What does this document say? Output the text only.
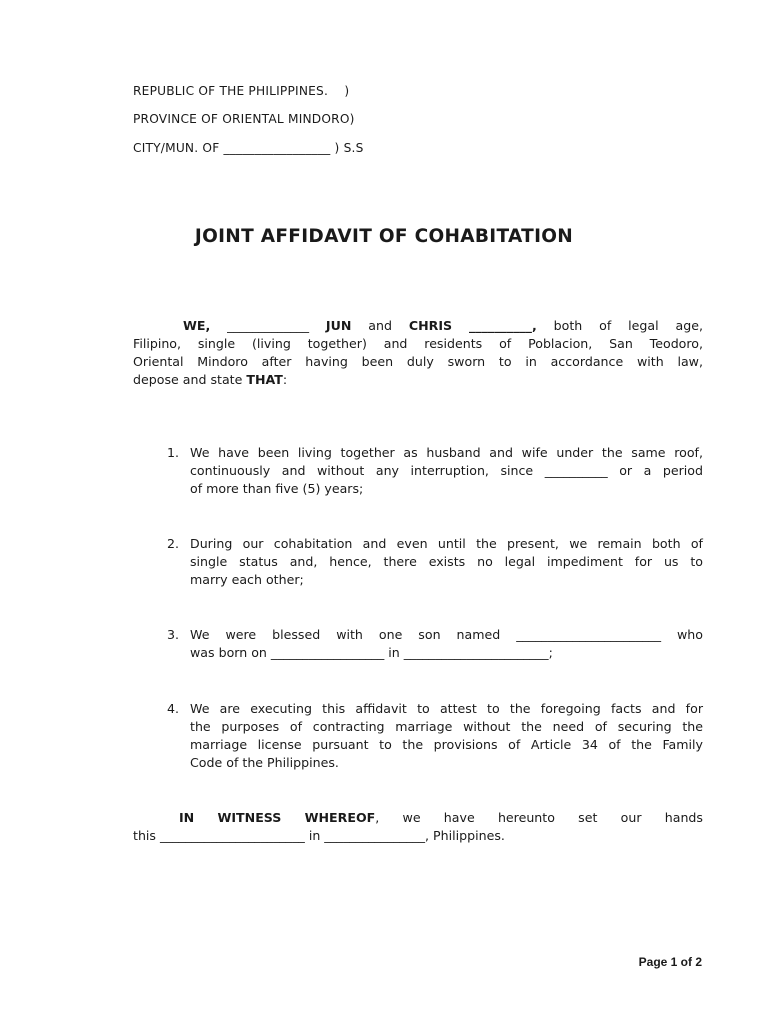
REPUBLIC OF THE PHILIPPINES.    )
PROVINCE OF ORIENTAL MINDORO)
CITY/MUN. OF _________________ ) S.S
JOINT AFFIDAVIT OF COHABITATION
WE, _____________ JUN and CHRIS __________, both of legal age,
Filipino, single (living together) and residents of Poblacion, San Teodoro,
Oriental Mindoro after having been duly sworn to in accordance with law,
depose and state THAT:
1. We have been living together as husband and wife under the same roof,
continuously and without any interruption, since __________ or a period
of more than five (5) years;
2. During our cohabitation and even until the present, we remain both of
single status and, hence, there exists no legal impediment for us to
marry each other;
3. We were blessed with one son named _______________________ who
was born on __________________ in _______________________;
4. We are executing this affidavit to attest to the foregoing facts and for
the purposes of contracting marriage without the need of securing the
marriage license pursuant to the provisions of Article 34 of the Family
Code of the Philippines.
IN WITNESS WHEREOF, we have hereunto set our hands
this _______________________ in ________________, Philippines.
Page 1 of 2
